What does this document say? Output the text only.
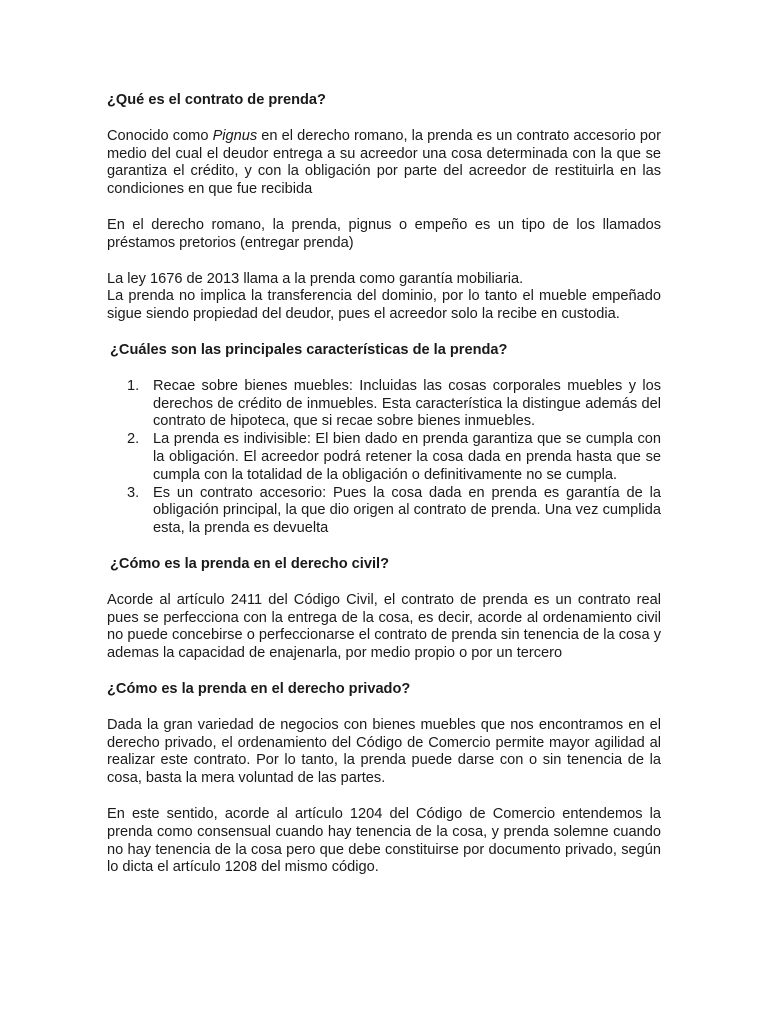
¿Qué es el contrato de prenda?

Conocido como Pignus en el derecho romano, la prenda es un contrato accesorio por medio del cual el deudor entrega a su acreedor una cosa determinada con la que se garantiza el crédito, y con la obligación por parte del acreedor de restituirla en las condiciones en que fue recibida

En el derecho romano, la prenda, pignus o empeño es un tipo de los llamados préstamos pretorios (entregar prenda)

La ley 1676 de 2013 llama a la prenda como garantía mobiliaria.

La prenda no implica la transferencia del dominio, por lo tanto el mueble empeñado sigue siendo propiedad del deudor, pues el acreedor solo la recibe en custodia.

¿Cuáles son las principales características de la prenda?

1. Recae sobre bienes muebles: Incluidas las cosas corporales muebles y los derechos de crédito de inmuebles. Esta característica la distingue además del contrato de hipoteca, que si recae sobre bienes inmuebles.
2. La prenda es indivisible: El bien dado en prenda garantiza que se cumpla con la obligación. El acreedor podrá retener la cosa dada en prenda hasta que se cumpla con la totalidad de la obligación o definitivamente no se cumpla.
3. Es un contrato accesorio: Pues la cosa dada en prenda es garantía de la obligación principal, la que dio origen al contrato de prenda. Una vez cumplida esta, la prenda es devuelta

¿Cómo es la prenda en el derecho civil?

Acorde al artículo 2411 del Código Civil, el contrato de prenda es un contrato real pues se perfecciona con la entrega de la cosa, es decir, acorde al ordenamiento civil no puede concebirse o perfeccionarse el contrato de prenda sin tenencia de la cosa y ademas la capacidad de enajenarla, por medio propio o por un tercero

¿Cómo es la prenda en el derecho privado?

Dada la gran variedad de negocios con bienes muebles que nos encontramos en el derecho privado, el ordenamiento del Código de Comercio permite mayor agilidad al realizar este contrato. Por lo tanto, la prenda puede darse con o sin tenencia de la cosa, basta la mera voluntad de las partes.

En este sentido, acorde al artículo 1204 del Código de Comercio entendemos la prenda como consensual cuando hay tenencia de la cosa, y prenda solemne cuando no hay tenencia de la cosa pero que debe constituirse por documento privado, según lo dicta el artículo 1208 del mismo código.
